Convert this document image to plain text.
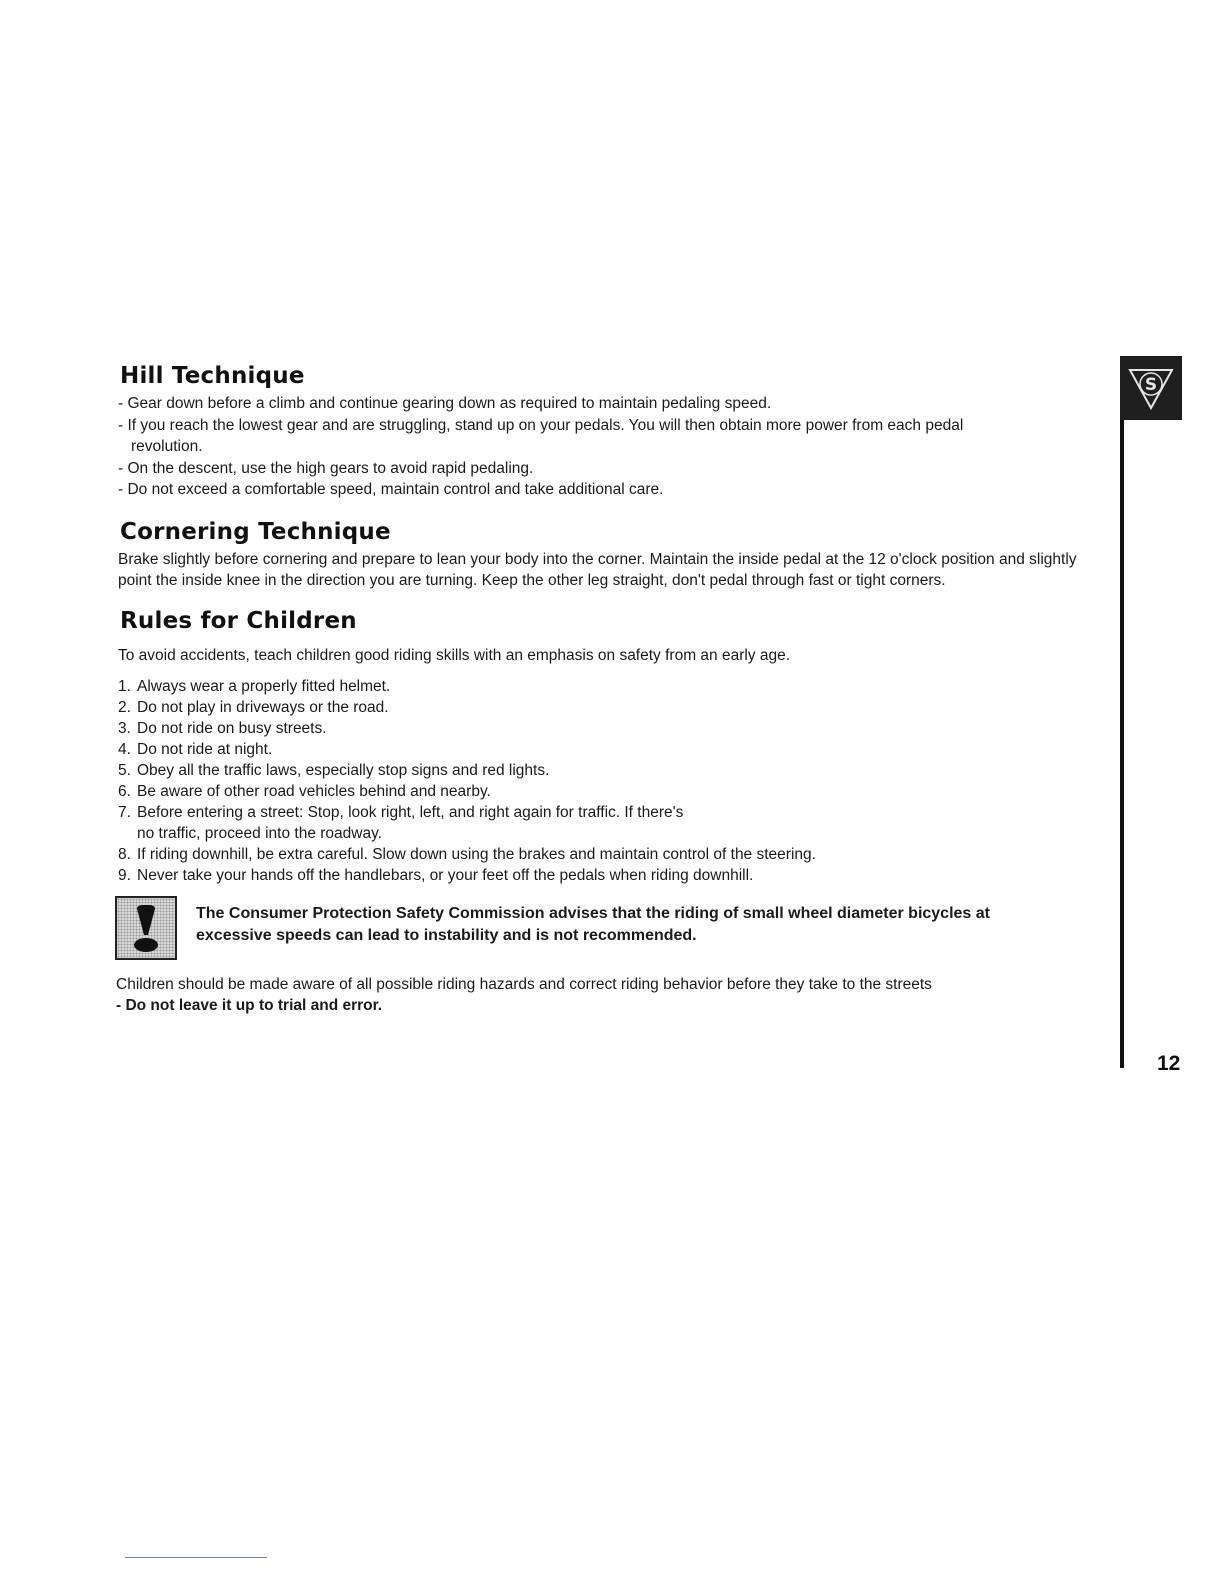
Hill Technique
- Gear down before a climb and continue gearing down as required to maintain pedaling speed.
- If you reach the lowest gear and are struggling, stand up on your pedals. You will then obtain more power from each pedal revolution.
- On the descent, use the high gears to avoid rapid pedaling.
- Do not exceed a comfortable speed, maintain control and take additional care.
Cornering Technique

Brake slightly before cornering and prepare to lean your body into the corner. Maintain the inside pedal at the 12 o'clock position and slightly point the inside knee in the direction you are turning. Keep the other leg straight, don't pedal through fast or tight corners.

Rules for Children

To avoid accidents, teach children good riding skills with an emphasis on safety from an early age.

1. Always wear a properly fitted helmet.
2. Do not play in driveways or the road.
3. Do not ride on busy streets.
4. Do not ride at night.
5. Obey all the traffic laws, especially stop signs and red lights.
6. Be aware of other road vehicles behind and nearby.
7. Before entering a street: Stop, look right, left, and right again for traffic. If there's no traffic, proceed into the roadway.
8. If riding downhill, be extra careful. Slow down using the brakes and maintain control of the steering.
9. Never take your hands off the handlebars, or your feet off the pedals when riding downhill.
The Consumer Protection Safety Commission advises that the riding of small wheel diameter bicycles at excessive speeds can lead to instability and is not recommended.

Children should be made aware of all possible riding hazards and correct riding behavior before they take to the streets
- Do not leave it up to trial and error.

S
12
